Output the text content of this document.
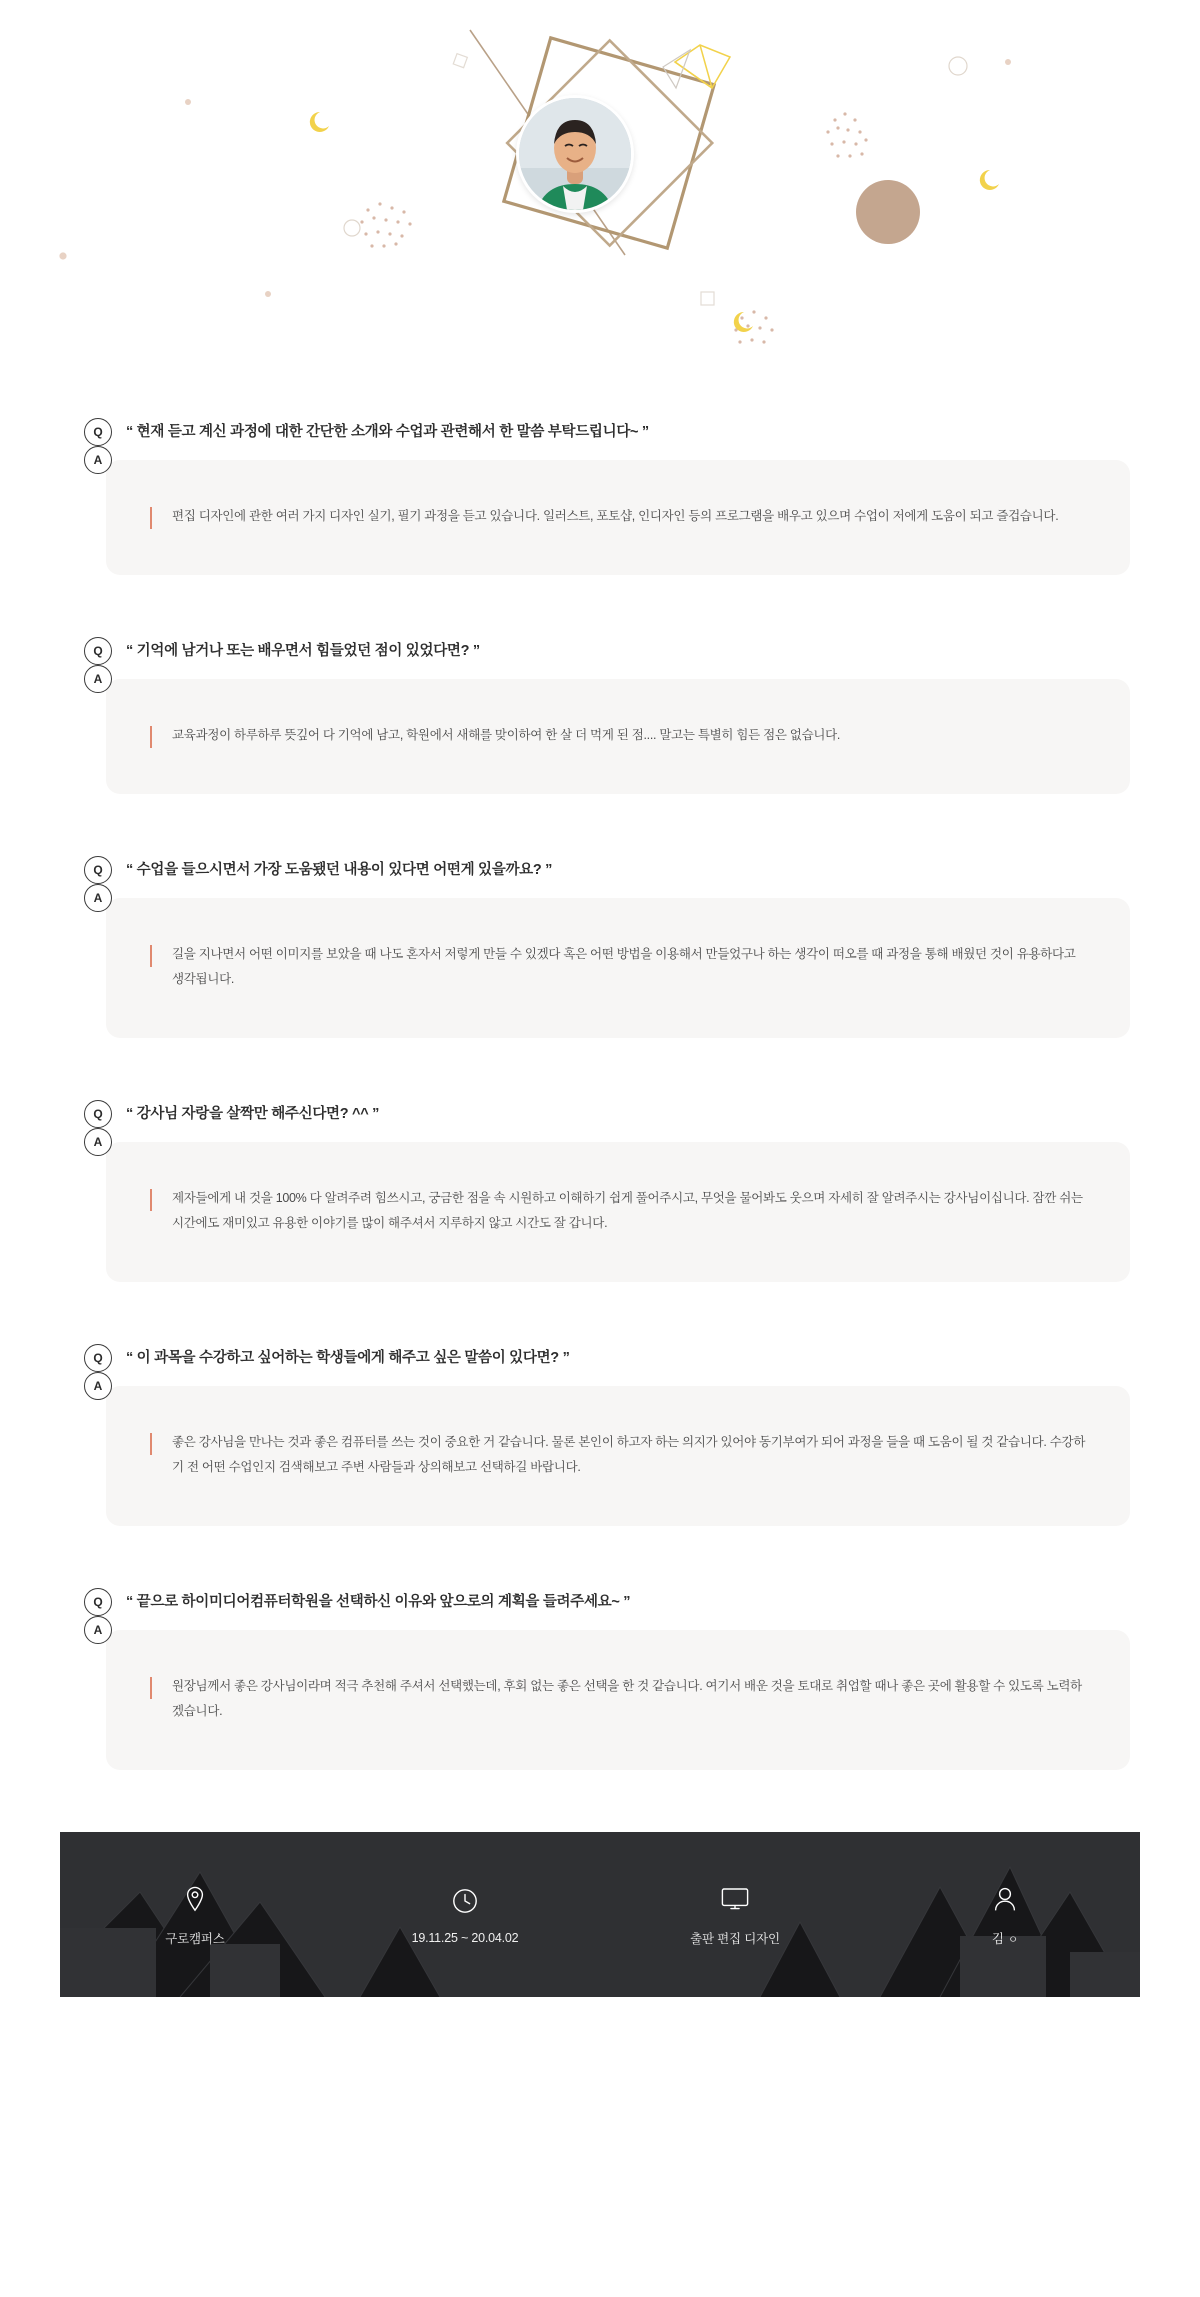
Q	“ 현재 듣고 계신 과정에 대한 간단한 소개와 수업과 관련해서 한 말씀 부탁드립니다~ ”
A
편집 디자인에 관한 여러 가지 디자인 실기, 필기 과정을 듣고 있습니다. 일러스트, 포토샵, 인디자인 등의 프로그램을 배우고 있으며 수업이 저에게 도움이 되고 즐겁습니다.
Q	“ 기억에 남거나 또는 배우면서 힘들었던 점이 있었다면? ”
A
교육과정이 하루하루 뜻깊어 다 기억에 남고, 학원에서 새해를 맞이하여 한 살 더 먹게 된 점.... 말고는 특별히 힘든 점은 없습니다.
Q	“ 수업을 들으시면서 가장 도움됐던 내용이 있다면 어떤게 있을까요? ”
A
길을 지나면서 어떤 이미지를 보았을 때 나도 혼자서 저렇게 만들 수 있겠다 혹은 어떤 방법을 이용해서 만들었구나 하는 생각이 떠오를 때 과정을 통해 배웠던 것이 유용하다고 생각됩니다.
Q	“ 강사님 자랑을 살짝만 해주신다면? ^^ ”
A
제자들에게 내 것을 100% 다 알려주려 힘쓰시고, 궁금한 점을 속 시원하고 이해하기 쉽게 풀어주시고, 무엇을 물어봐도 웃으며 자세히 잘 알려주시는 강사님이십니다. 잠깐 쉬는 시간에도 재미있고 유용한 이야기를 많이 해주셔서 지루하지 않고 시간도 잘 갑니다.
Q	“ 이 과목을 수강하고 싶어하는 학생들에게 해주고 싶은 말씀이 있다면? ”
A
좋은 강사님을 만나는 것과 좋은 컴퓨터를 쓰는 것이 중요한 거 같습니다. 물론 본인이 하고자 하는 의지가 있어야 동기부여가 되어 과정을 들을 때 도움이 될 것 같습니다. 수강하기 전 어떤 수업인지 검색해보고 주변 사람들과 상의해보고 선택하길 바랍니다.
Q	“ 끝으로 하이미디어컴퓨터학원을 선택하신 이유와 앞으로의 계획을 들려주세요~ ”
A
원장님께서 좋은 강사님이라며 적극 추천해 주셔서 선택했는데, 후회 없는 좋은 선택을 한 것 같습니다. 여기서 배운 것을 토대로 취업할 때나 좋은 곳에 활용할 수 있도록 노력하겠습니다.
구로캠퍼스	19.11.25 ~ 20.04.02	출판 편집 디자인	김 ㅇ
